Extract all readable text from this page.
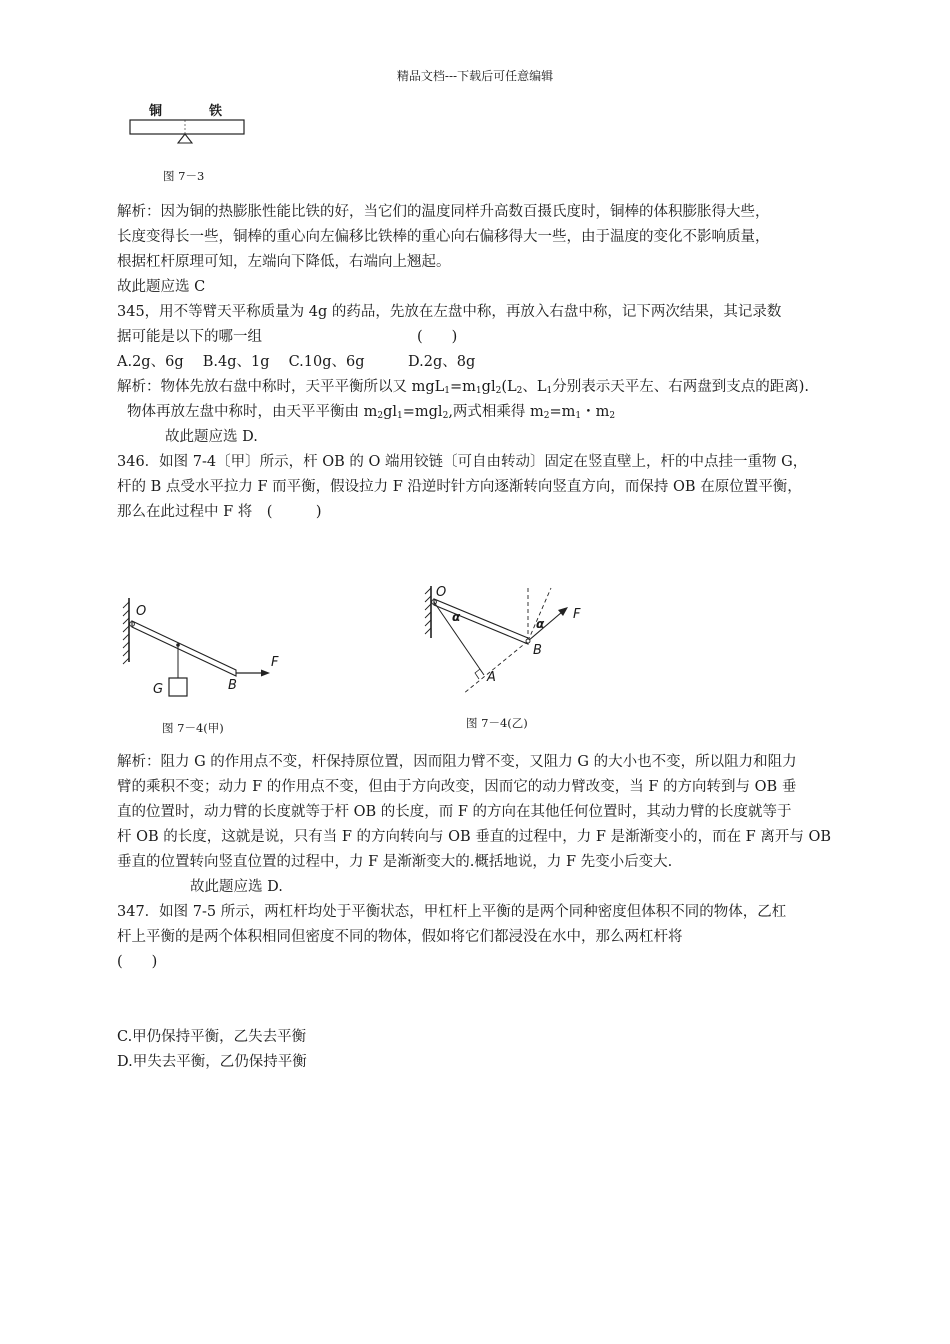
精品文档---下载后可任意编辑
铜	铁
图 7－3
解析：因为铜的热膨胀性能比铁的好，当它们的温度同样升高数百摄氏度时，铜棒的体积膨胀得大些，
长度变得长一些，铜棒的重心向左偏移比铁棒的重心向右偏移得大一些，由于温度的变化不影响质量，
根据杠杆原理可知，左端向下降低，右端向上翘起。
故此题应选 C
345，用不等臂天平称质量为 4g 的药品，先放在左盘中称，再放入右盘中称，记下两次结果，其记录数
据可能是以下的哪一组	(　　)
A.2g、6g　 B.4g、1g　 C.10g、6g　　　D.2g、8g
解析：物体先放右盘中称时，天平平衡所以又 $mgL_1=m_1gl_2(L_2$、$L_1$分别表示天平左、右两盘到支点的距离).
物体再放左盘中称时，由天平平衡由 $m_2gl_1=mgl_2$,两式相乘得 $m_2=m_1$・$m_2$
故此题应选 D.
346．如图 7-4〔甲〕所示，杆 OB 的 O 端用铰链〔可自由转动〕固定在竖直壁上，杆的中点挂一重物 G，
杆的 B 点受水平拉力 F 而平衡，假设拉力 F 沿逆时针方向逐渐转向竖直方向，而保持 OB 在原位置平衡，
那么在此过程中 F 将　(　　　)
O
F
G	B
图 7－4(甲)
O
α	α
F
B
A
图 7－4(乙)
解析：阻力 G 的作用点不变，杆保持原位置，因而阻力臂不变，又阻力 G 的大小也不变，所以阻力和阻力
臂的乘积不变；动力 F 的作用点不变，但由于方向改变，因而它的动力臂改变，当 F 的方向转到与 OB 垂
直的位置时，动力臂的长度就等于杆 OB 的长度，而 F 的方向在其他任何位置时，其动力臂的长度就等于
杆 OB 的长度，这就是说，只有当 F 的方向转向与 OB 垂直的过程中，力 F 是渐渐变小的，而在 F 离开与 OB
垂直的位置转向竖直位置的过程中，力 F 是渐渐变大的.概括地说，力 F 先变小后变大.
故此题应选 D.
347．如图 7-5 所示，两杠杆均处于平衡状态，甲杠杆上平衡的是两个同种密度但体积不同的物体，乙杠
杆上平衡的是两个体积相同但密度不同的物体，假如将它们都浸没在水中，那么两杠杆将
(　　)
C.甲仍保持平衡，乙失去平衡
D.甲失去平衡，乙仍保持平衡
